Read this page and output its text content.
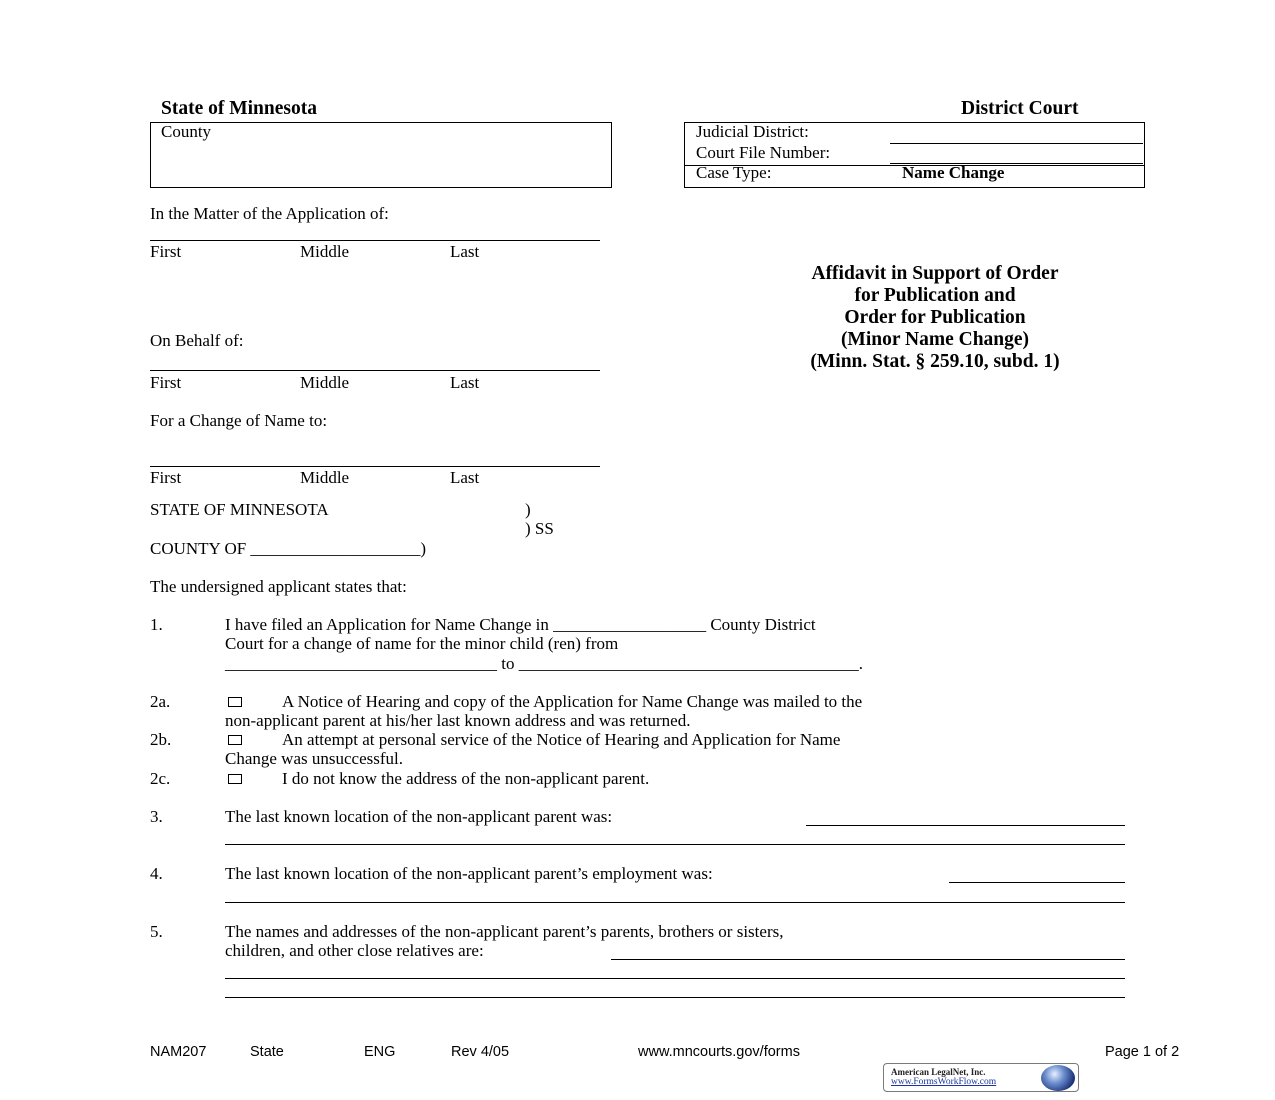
State of Minnesota	District Court
County	Judicial District:
Court File Number:
Case Type:	Name Change
In the Matter of the Application of:
First	Middle	Last
On Behalf of:
First	Middle	Last
For a Change of Name to:
First	Middle	Last
Affidavit in Support of Order
for Publication and
Order for Publication
(Minor Name Change)
(Minn. Stat. § 259.10, subd. 1)
STATE OF MINNESOTA	)
) SS
COUNTY OF ____________________)
The undersigned applicant states that:
1.	I have filed an Application for Name Change in __________________ County District
Court for a change of name for the minor child (ren) from
________________________________ to ________________________________________.
2a.	A Notice of Hearing and copy of the Application for Name Change was mailed to the
non-applicant parent at his/her last known address and was returned.
2b.	An attempt at personal service of the Notice of Hearing and Application for Name
Change was unsuccessful.
2c.	I do not know the address of the non-applicant parent.
3.	The last known location of the non-applicant parent was:
4.	The last known location of the non-applicant parent’s employment was:
5.	The names and addresses of the non-applicant parent’s parents, brothers or sisters,
children, and other close relatives are:
NAM207	State	ENG	Rev 4/05	www.mncourts.gov/forms	Page 1 of 2
American LegalNet, Inc.
www.FormsWorkFlow.com
